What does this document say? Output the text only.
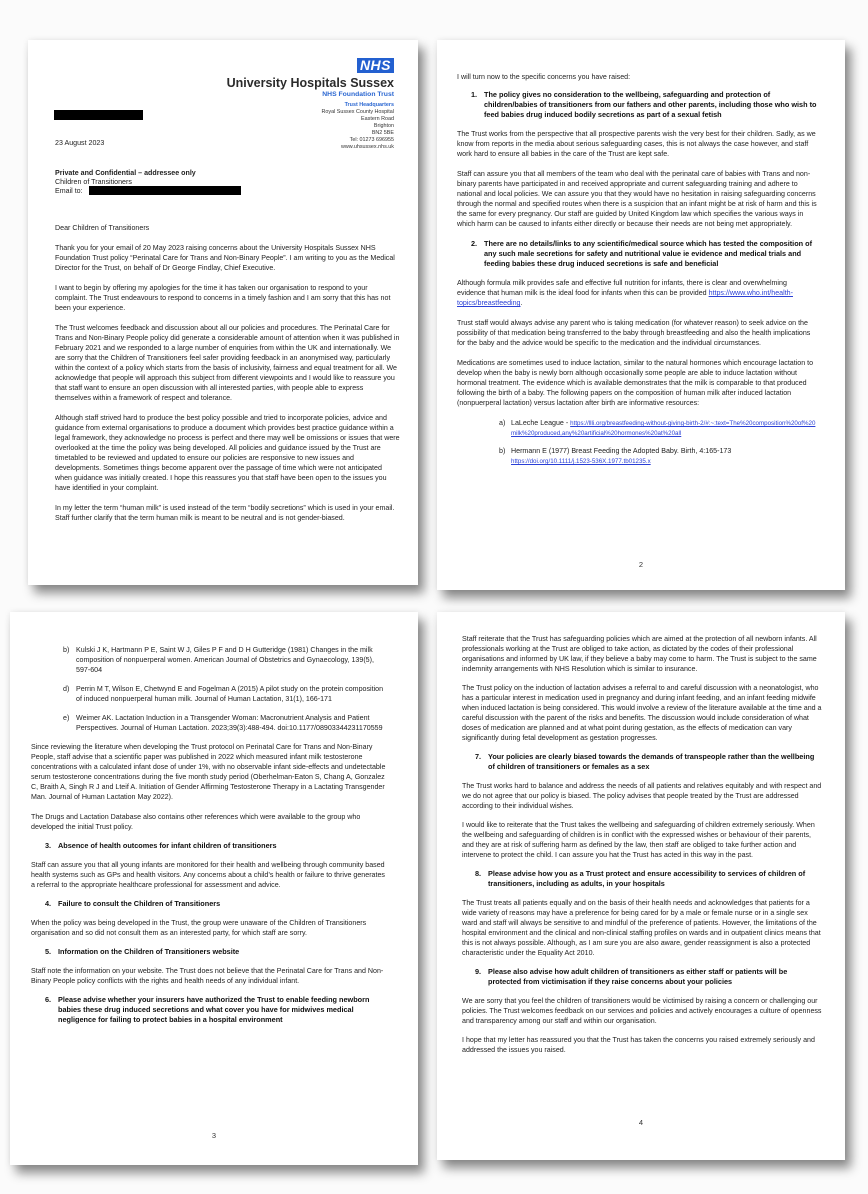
NHS
University Hospitals Sussex
NHS Foundation Trust
Trust Headquarters
Royal Sussex County Hospital
Eastern Road
Brighton
BN2 5BE
Tel: 01273 696955
www.uhsussex.nhs.uk
23 August 2023
Private and Confidential – addressee only
Children of Transitioners
Email to:

Dear Children of Transitioners

Thank you for your email of 20 May 2023 raising concerns about the University Hospitals Sussex NHS Foundation Trust policy “Perinatal Care for Trans and Non-Binary People”. I am writing to you as the Medical Director for the Trust, on behalf of Dr George Findlay, Chief Executive.

I want to begin by offering my apologies for the time it has taken our organisation to respond to your complaint. The Trust endeavours to respond to concerns in a timely fashion and I am sorry that this has not been your experience.

The Trust welcomes feedback and discussion about all our policies and procedures. The Perinatal Care for Trans and Non-Binary People policy did generate a considerable amount of attention when it was published in February 2021 and we responded to a large number of enquiries from within the UK and internationally. We are sorry that the Children of Transitioners feel safer providing feedback in an anonymised way, particularly within the context of a policy which starts from the basis of inclusivity, fairness and equal treatment for all. We acknowledge that people will approach this subject from different viewpoints and I would like to reassure you that staff want to ensure an open discussion with all interested parties, with people able to express themselves within a framework of respect and tolerance.

Although staff strived hard to produce the best policy possible and tried to incorporate policies, advice and guidance from external organisations to produce a document which provides best practice guidance within a legal framework, they acknowledge no process is perfect and there may well be omissions or issues that were overlooked at the time the policy was being developed. All policies and guidance issued by the Trust are timetabled to be reviewed and updated to ensure our policies are responsive to new issues and developments. Sometimes things become apparent over the passage of time which were not anticipated when guidance was initially created. I hope this reassures you that staff have been open to the issues you have identified in your complaint.

In my letter the term “human milk” is used instead of the term “bodily secretions” which is used in your email. Staff further clarify that the term human milk is meant to be neutral and is not gender-biased.

I will turn now to the specific concerns you have raised:

1. The policy gives no consideration to the wellbeing, safeguarding and protection of children/babies of transitioners from our fathers and other parents, including those who wish to feed babies drug induced bodily secretions as part of a sexual fetish

The Trust works from the perspective that all prospective parents wish the very best for their children. Sadly, as we know from reports in the media about serious safeguarding cases, this is not always the case however, and staff work hard to ensure all babies in the care of the Trust are kept safe.

Staff can assure you that all members of the team who deal with the perinatal care of babies with Trans and non-binary parents have participated in and received appropriate and current safeguarding training and adhere to national and local policies. We can assure you that they would have no hesitation in raising safeguarding concerns through the normal and specified routes when there is a suspicion that an infant might be at risk of harm and this is the same for every pregnancy. Our staff are guided by United Kingdom law which specifies the various ways in which harm can be caused to infants either directly or because their needs are not being met appropriately.

2. There are no details/links to any scientific/medical source which has tested the composition of any such male secretions for safety and nutritional value ie evidence and medical trials and feeding babies these drug induced secretions is safe and beneficial

Although formula milk provides safe and effective full nutrition for infants, there is clear and overwhelming evidence that human milk is the ideal food for infants when this can be provided https://www.who.int/health-topics/breastfeeding.

Trust staff would always advise any parent who is taking medication (for whatever reason) to seek advice on the possibility of that medication being transferred to the baby through breastfeeding and also the health implications for the baby and the advice would be specific to the medication and the individual circumstances.

Medications are sometimes used to induce lactation, similar to the natural hormones which encourage lactation to develop when the baby is newly born although occasionally some people are able to induce lactation without hormonal treatment. The evidence which is available demonstrates that the milk is comparable to that produced following the birth of a baby. The following papers on the composition of human milk after induced lactation (nonpuerperal lactation) versus lactation after birth are informative resources:

a) LaLeche League - https://llli.org/breastfeeding-without-giving-birth-2/#:~:text=The%20composition%20of%20milk%20produced,any%20artificial%20hormones%20at%20all
b) Hermann E (1977) Breast Feeding the Adopted Baby. Birth, 4:165-173
https://doi.org/10.1111/j.1523-536X.1977.tb01235.x
2
b) Kulski J K, Hartmann P E, Saint W J, Giles P F and D H Gutteridge (1981) Changes in the milk composition of nonpuerperal women. American Journal of Obstetrics and Gynaecology, 139(5), 597-604
d) Perrin M T, Wilson E, Chetwynd E and Fogelman A (2015) A pilot study on the protein composition of induced nonpuerperal human milk. Journal of Human Lactation, 31(1), 166-171
e) Weimer AK. Lactation Induction in a Transgender Woman: Macronutrient Analysis and Patient Perspectives. Journal of Human Lactation. 2023;39(3):488-494. doi:10.1177/08903344231170559

Since reviewing the literature when developing the Trust protocol on Perinatal Care for Trans and Non-Binary People, staff advise that a scientific paper was published in 2022 which measured infant milk testosterone concentrations with a calculated infant dose of under 1%, with no observable infant side-effects and undetectable serum testosterone concentrations during the five month study period (Oberhelman-Eaton S, Chang A, Gonzalez C, Braith A, Singh R J and Lteif A. Initiation of Gender Affirming Testosterone Therapy in a Lactating Transgender Man. Journal of Human Lactation May 2022).

The Drugs and Lactation Database also contains other references which were available to the group who developed the initial Trust policy.

3. Absence of health outcomes for infant children of transitioners

Staff can assure you that all young infants are monitored for their health and wellbeing through community based health systems such as GPs and health visitors. Any concerns about a child’s health or failure to thrive generates a referral to the appropriate healthcare professional for assessment and advice.

4. Failure to consult the Children of Transitioners

When the policy was being developed in the Trust, the group were unaware of the Children of Transitioners organisation and so did not consult them as an interested party, for which staff are sorry.

5. Information on the Children of Transitioners website

Staff note the information on your website. The Trust does not believe that the Perinatal Care for Trans and Non-Binary People policy conflicts with the rights and health needs of any individual infant.

6. Please advise whether your insurers have authorized the Trust to enable feeding newborn babies these drug induced secretions and what cover you have for midwives medical negligence for failing to protect babies in a hospital environment
3

Staff reiterate that the Trust has safeguarding policies which are aimed at the protection of all newborn infants. All professionals working at the Trust are obliged to take action, as dictated by the codes of their professional organisations and informed by UK law, if they believe a baby may come to harm. The Trust is subject to the same indemnity arrangements with NHS Resolution which is similar to insurance.

The Trust policy on the induction of lactation advises a referral to and careful discussion with a neonatologist, who has a particular interest in medication used in pregnancy and during infant feeding, and an infant feeding midwife when induced lactation is being considered. This would involve a review of the literature available at the time and a careful discussion with the parent of the risks and benefits. The discussion would include consideration of what doses of medication are planned and at what point during gestation, as the effects of medication can vary significantly during fetal development as gestation progresses.

7. Your policies are clearly biased towards the demands of transpeople rather than the wellbeing of children of transitioners or females as a sex

The Trust works hard to balance and address the needs of all patients and relatives equitably and with respect and we do not agree that our policy is biased. The policy advises that people treated by the Trust are addressed according to their individual wishes.

I would like to reiterate that the Trust takes the wellbeing and safeguarding of children extremely seriously. When the wellbeing and safeguarding of children is in conflict with the expressed wishes or behaviour of their parents, and they are at risk of suffering harm as defined by the law, then staff are obliged to take further action and intervene to protect the child. I can assure you hat the Trust has acted in this way in the past.

8. Please advise how you as a Trust protect and ensure accessibility to services of children of transitioners, including as adults, in your hospitals

The Trust treats all patients equally and on the basis of their health needs and acknowledges that patients for a wide variety of reasons may have a preference for being cared for by a male or female nurse or in a single sex ward and staff will always be sensitive to and mindful of the preference of patients. However, the limitations of the hospital environment and the clinical and non-clinical staffing profiles on wards and in outpatient clinics means that this is not always possible. Although, as I am sure you are also aware, gender reassignment is also a protected characteristic under the Equality Act 2010.

9. Please also advise how adult children of transitioners as either staff or patients will be protected from victimisation if they raise concerns about your policies

We are sorry that you feel the children of transitioners would be victimised by raising a concern or challenging our policies. The Trust welcomes feedback on our services and policies and actively encourages a culture of openness and transparency among our staff and within our organisation.

I hope that my letter has reassured you that the Trust has taken the concerns you raised extremely seriously and addressed the issues you raised.

4
